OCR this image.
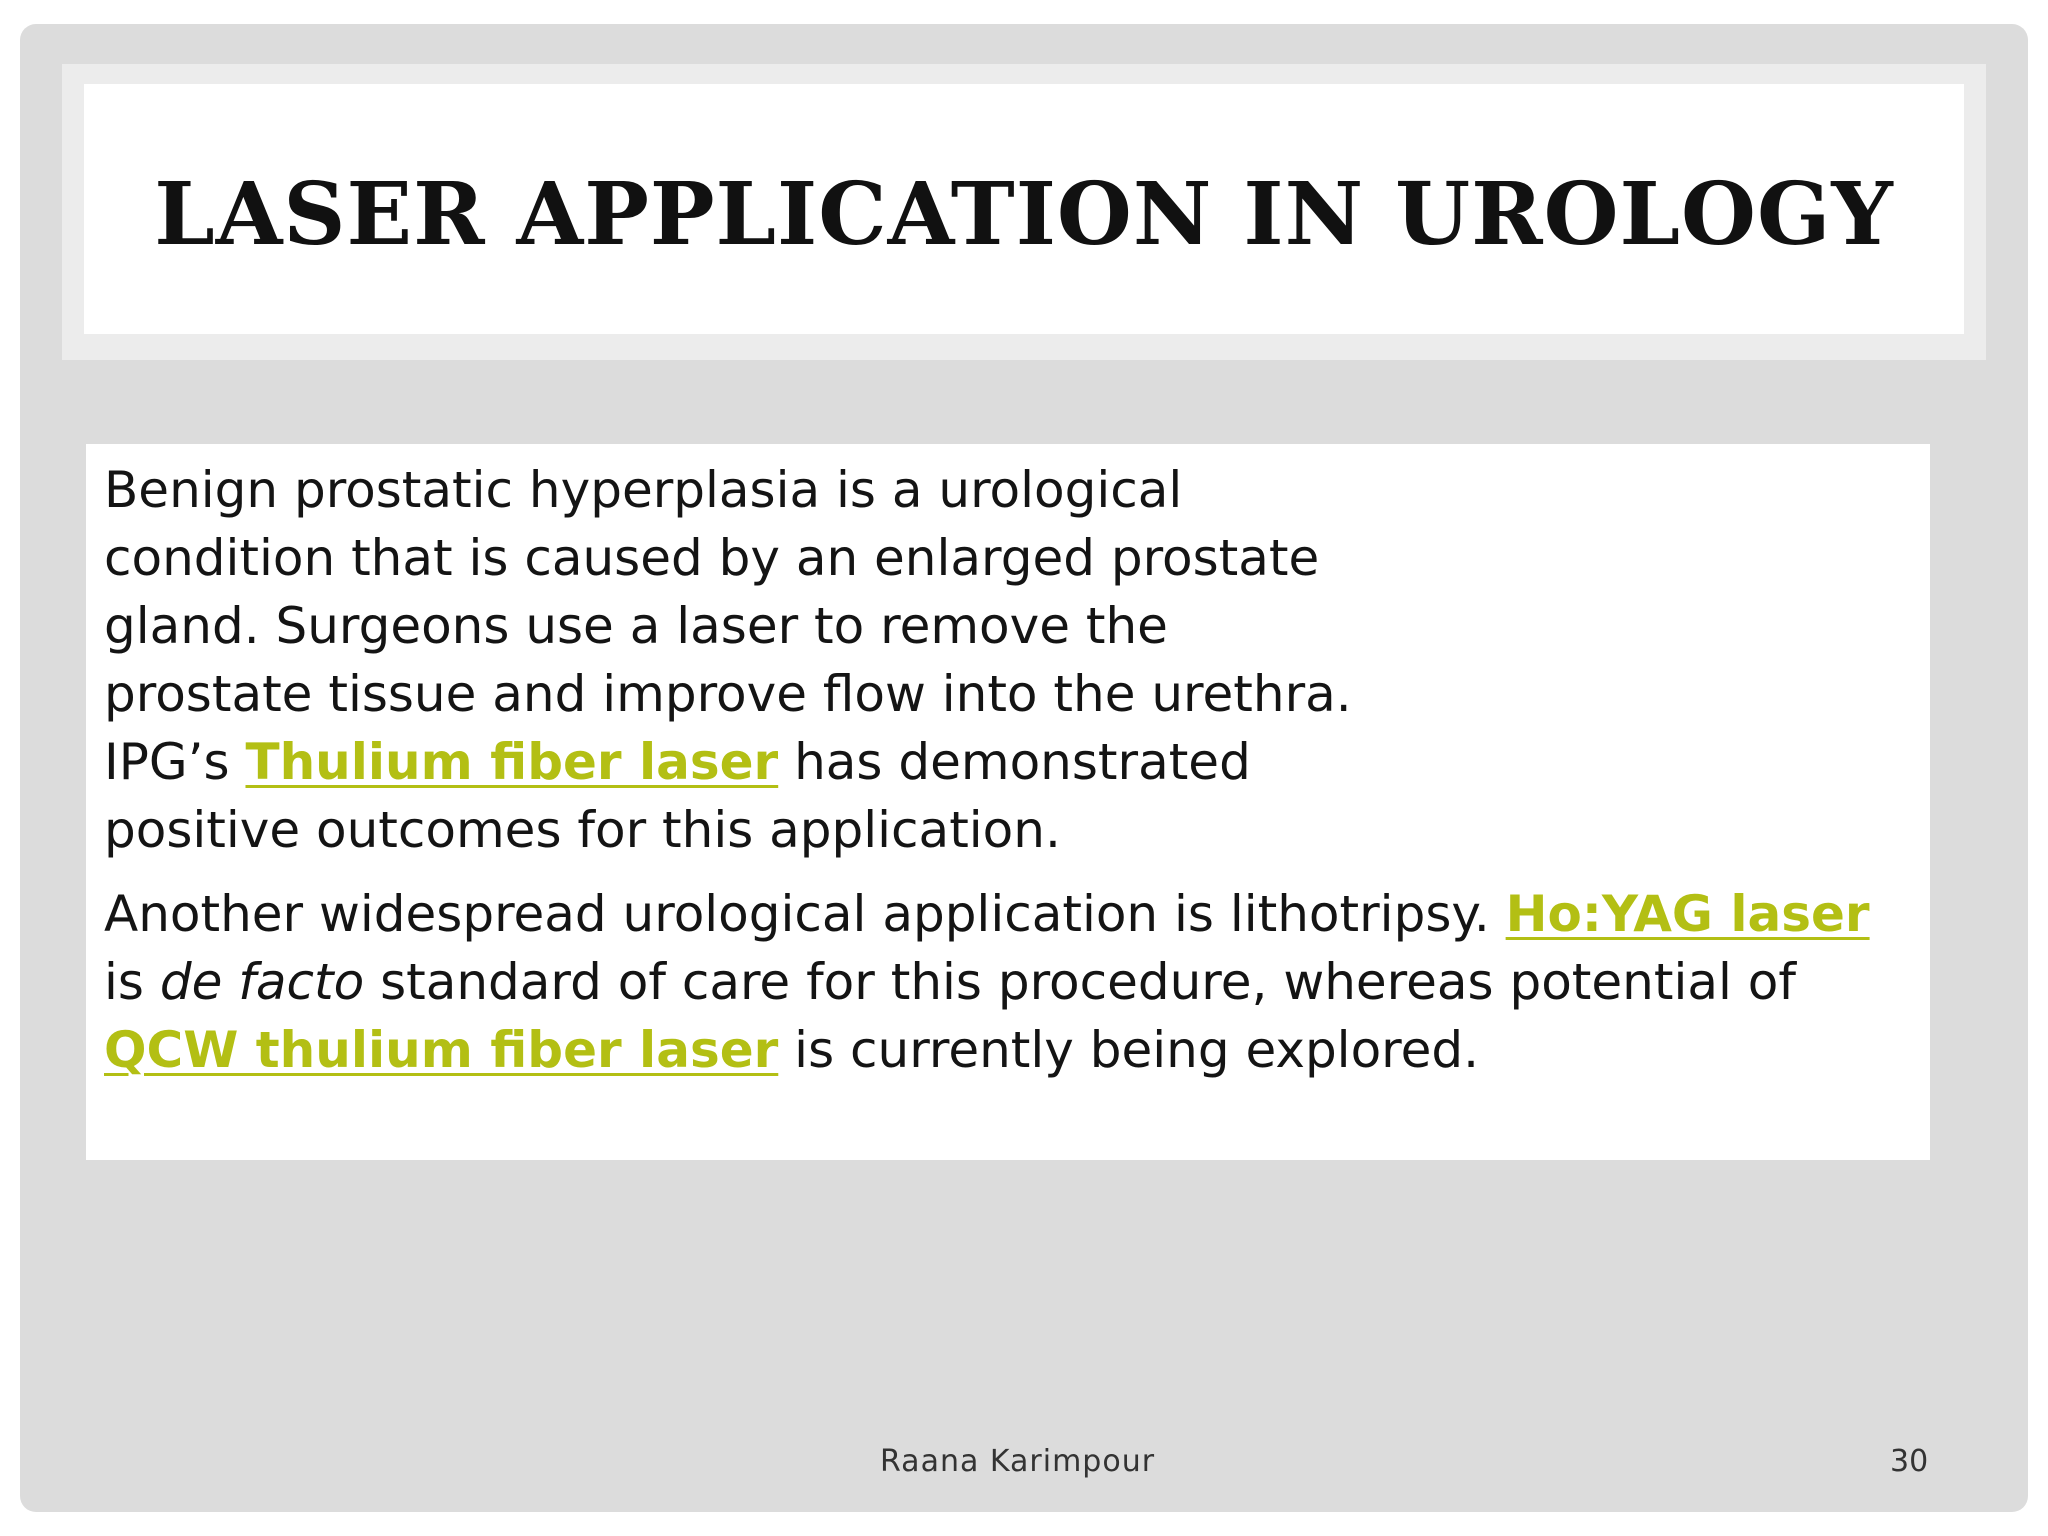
LASER APPLICATION IN UROLOGY

Benign prostatic hyperplasia is a urological condition that is caused by an enlarged prostate gland. Surgeons use a laser to remove the prostate tissue and improve flow into the urethra. IPG’s Thulium fiber laser has demonstrated positive outcomes for this application.

Another widespread urological application is lithotripsy. Ho:YAG laser is de facto standard of care for this procedure, whereas potential of QCW thulium fiber laser is currently being explored.

Raana Karimpour	30
